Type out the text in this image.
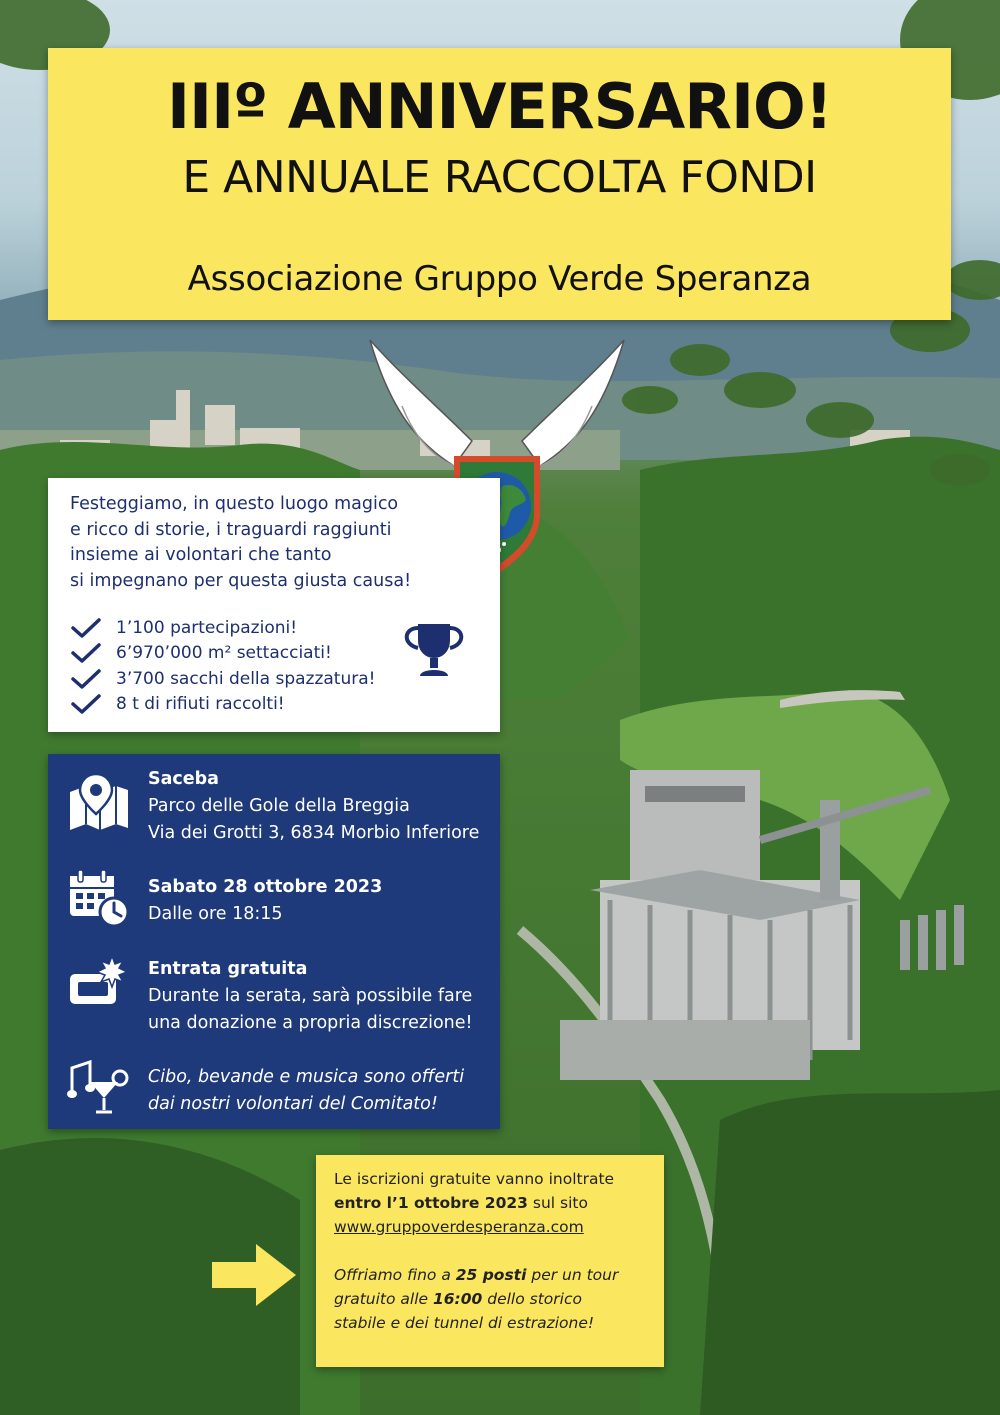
IIIº ANNIVERSARIO!
E ANNUALE RACCOLTA FONDI
Associazione Gruppo Verde Speranza
Festeggiamo, in questo luogo magico
e ricco di storie, i traguardi raggiunti
insieme ai volontari che tanto
si impegnano per questa giusta causa!
1’100 partecipazioni!
6’970’000 m² settacciati!
3’700 sacchi della spazzatura!
8 t di rifiuti raccolti!
Saceba
Parco delle Gole della Breggia
Via dei Grotti 3, 6834 Morbio Inferiore
Sabato 28 ottobre 2023
Dalle ore 18:15
Entrata gratuita
Durante la serata, sarà possibile fare
una donazione a propria discrezione!
Cibo, bevande e musica sono offerti
dai nostri volontari del Comitato!
Le iscrizioni gratuite vanno inoltrate
entro l’1 ottobre 2023 sul sito
www.gruppoverdesperanza.com
Offriamo fino a 25 posti per un tour
gratuito alle 16:00 dello storico
stabile e dei tunnel di estrazione!
